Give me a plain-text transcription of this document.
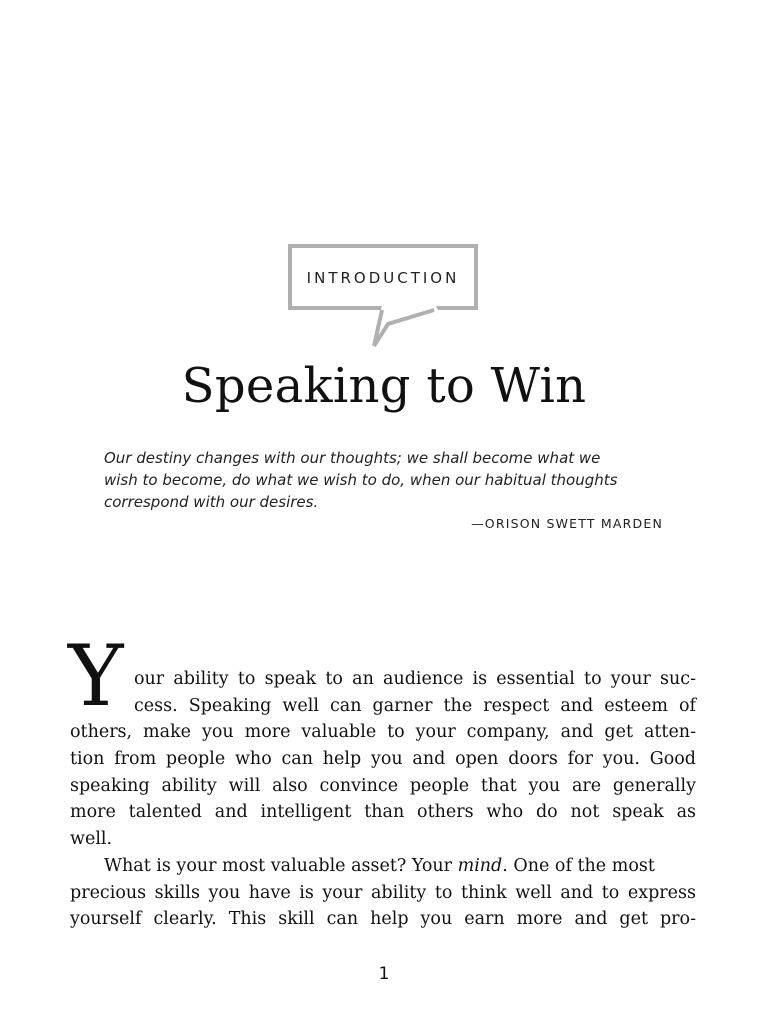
INTRODUCTION
Speaking to Win
Our destiny changes with our thoughts; we shall become what we
wish to become, do what we wish to do, when our habitual thoughts
correspond with our desires.
—ORISON SWETT MARDEN
Y our ability to speak to an audience is essential to your suc-
cess. Speaking well can garner the respect and esteem of
others, make you more valuable to your company, and get atten-
tion from people who can help you and open doors for you. Good
speaking ability will also convince people that you are generally
more talented and intelligent than others who do not speak as
well.
What is your most valuable asset? Your mind. One of the most
precious skills you have is your ability to think well and to express
yourself clearly. This skill can help you earn more and get pro-
1
